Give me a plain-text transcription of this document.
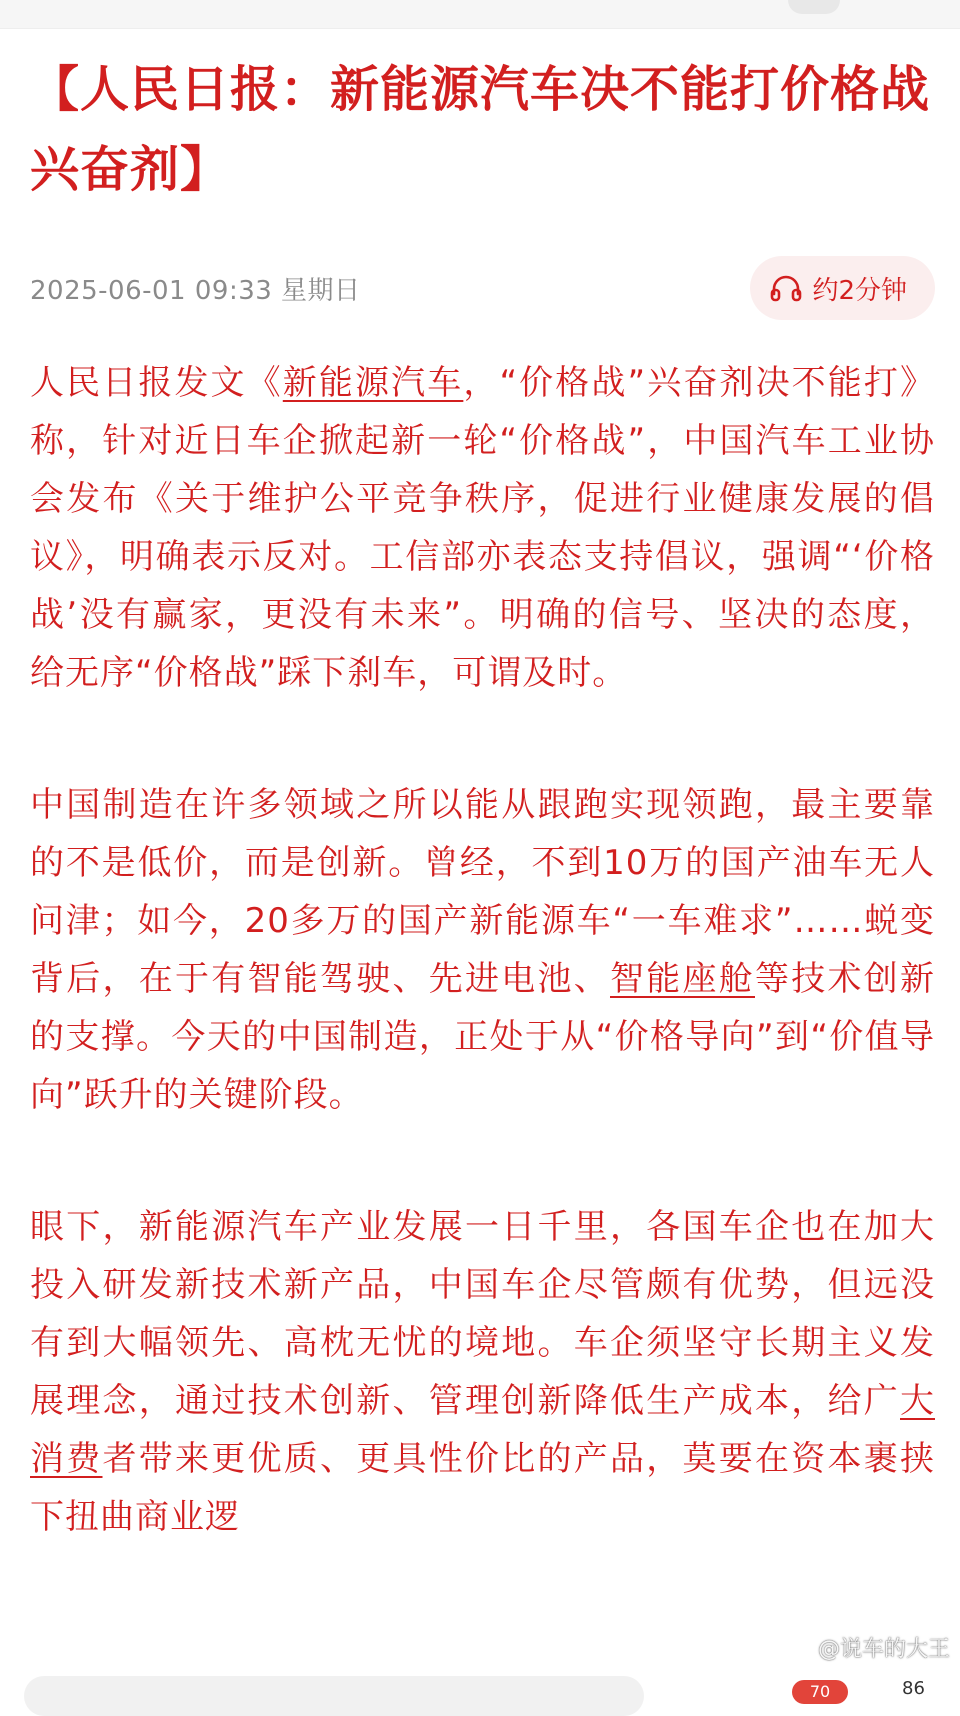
【人民日报：新能源汽车决不能打价格战兴奋剂】
2025-06-01 09:33 星期日	约2分钟

人民日报发文《新能源汽车，“价格战”兴奋剂决不能打》称，针对近日车企掀起新一轮“价格战”，中国汽车工业协会发布《关于维护公平竞争秩序，促进行业健康发展的倡议》，明确表示反对。工信部亦表态支持倡议，强调“‘价格战’没有赢家，更没有未来”。明确的信号、坚决的态度，给无序“价格战”踩下刹车，可谓及时。

中国制造在许多领域之所以能从跟跑实现领跑，最主要靠的不是低价，而是创新。曾经，不到10万的国产油车无人问津；如今，20多万的国产新能源车“一车难求”……蜕变背后，在于有智能驾驶、先进电池、智能座舱等技术创新的支撑。今天的中国制造，正处于从“价格导向”到“价值导向”跃升的关键阶段。

眼下，新能源汽车产业发展一日千里，各国车企也在加大投入研发新技术新产品，中国车企尽管颇有优势，但远没有到大幅领先、高枕无忧的境地。车企须坚守长期主义发展理念，通过技术创新、管理创新降低生产成本，给广大消费者带来更优质、更具性价比的产品，莫要在资本裹挟下扭曲商业逻

@说车的大王
70	86
